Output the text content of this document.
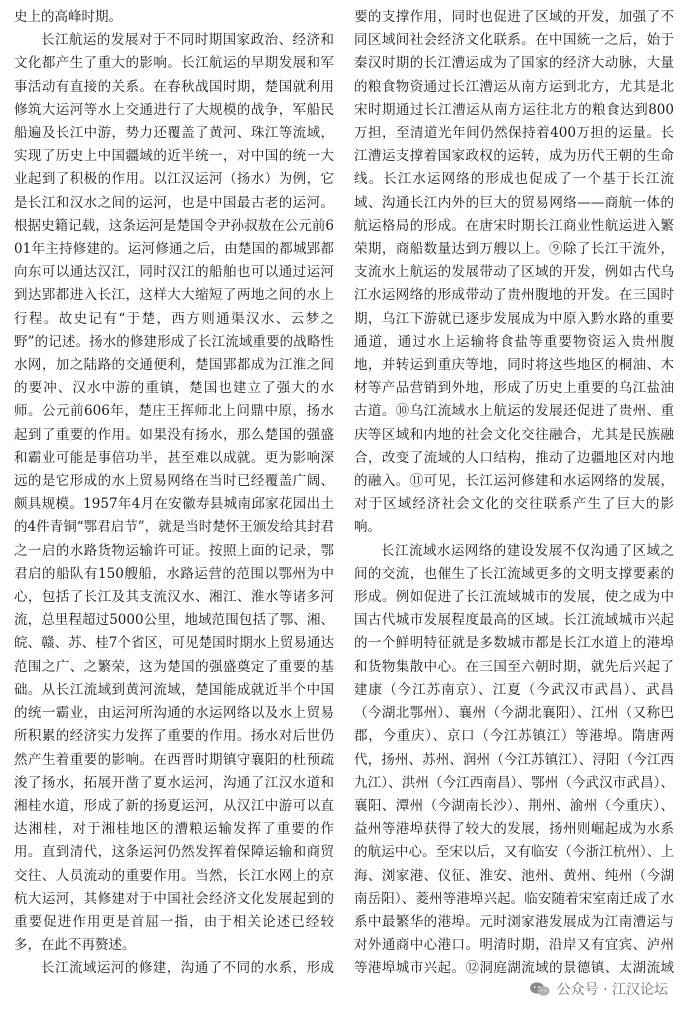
史上的高峰时期。

长江航运的发展对于不同时期国家政治、经济和文化都产生了重大的影响。长江航运的早期发展和军事活动有直接的关系。在春秋战国时期，楚国就利用修筑大运河等水上交通进行了大规模的战争，军船民船遍及长江中游，势力还覆盖了黄河、珠江等流域，实现了历史上中国疆域的近半统一，对中国的统一大业起到了积极的作用。以江汉运河（扬水）为例，它是长江和汉水之间的运河，也是中国最古老的运河。根据史籍记载，这条运河是楚国令尹孙叔敖在公元前601年主持修建的。运河修通之后，由楚国的都城郢都向东可以通达汉江，同时汉江的船舶也可以通过运河到达郢都进入长江，这样大大缩短了两地之间的水上行程。故史记有“于楚，西方则通渠汉水、云梦之野”的记述。扬水的修建形成了长江流域重要的战略性水网，加之陆路的交通便利，楚国郢都成为江淮之间的要冲、汉水中游的重镇，楚国也建立了强大的水师。公元前606年，楚庄王挥师北上问鼎中原，扬水起到了重要的作用。如果没有扬水，那么楚国的强盛和霸业可能是事倍功半，甚至难以成就。更为影响深远的是它形成的水上贸易网络在当时已经覆盖广阔、颇具规模。1957年4月在安徽寿县城南邱家花园出土的4件青铜“鄂君启节”，就是当时楚怀王颁发给其封君之一启的水路货物运输许可证。按照上面的记录，鄂君启的船队有150艘船，水路运营的范围以鄂州为中心，包括了长江及其支流汉水、湘江、淮水等诸多河流，总里程超过5000公里，地域范围包括了鄂、湘、皖、赣、苏、桂7个省区，可见楚国时期水上贸易通达范围之广、之繁荣，这为楚国的强盛奠定了重要的基础。从长江流域到黄河流域，楚国能成就近半个中国的统一霸业，由运河所沟通的水运网络以及水上贸易所积累的经济实力发挥了重要的作用。扬水对后世仍然产生着重要的影响。在西晋时期镇守襄阳的杜预疏浚了扬水，拓展开凿了夏水运河，沟通了江汉水道和湘桂水道，形成了新的扬夏运河，从汉江中游可以直达湘桂，对于湘桂地区的漕粮运输发挥了重要的作用。直到清代，这条运河仍然发挥着保障运输和商贸交往、人员流动的重要作用。当然，长江水网上的京杭大运河，其修建对于中国社会经济文化发展起到的重要促进作用更是首屈一指，由于相关论述已经较多，在此不再赘述。

长江流域运河的修建，沟通了不同的水系，形成

要的支撑作用，同时也促进了区域的开发，加强了不同区域间社会经济文化联系。在中国統一之后，始于秦汉时期的长江漕运成为了国家的经济大动脉，大量的粮食物资通过长江漕运从南方运到北方，尤其是北宋时期通过长江漕运从南方运往北方的粮食达到800万担，至清道光年间仍然保持着400万担的运量。长江漕运支撑着国家政权的运转，成为历代王朝的生命线。长江水运网络的形成也促成了一个基于长江流域、沟通长江内外的巨大的贸易网络——商航一体的航运格局的形成。在唐宋时期长江商业性航运进入繁荣期，商船数量达到万艘以上。⑨除了长江干流外，支流水上航运的发展带动了区域的开发，例如古代乌江水运网络的形成带动了贵州腹地的开发。在三国时期，乌江下游就已逐步发展成为中原入黔水路的重要通道，通过水上运输将食盐等重要物资运入贵州腹地，并转运到重庆等地，同时将这些地区的桐油、木材等产品营销到外地，形成了历史上重要的乌江盐油古道。⑩乌江流域水上航运的发展还促进了贵州、重庆等区域和内地的社会文化交往融合，尤其是民族融合，改变了流域的人口结构，推动了边疆地区对内地的融入。⑪可见，长江运河修建和水运网络的发展，对于区域经济社会文化的交往联系产生了巨大的影响。

长江流域水运网络的建设发展不仅沟通了区域之间的交流，也催生了长江流域更多的文明支撑要素的形成。例如促进了长江流域城市的发展，使之成为中国古代城市发展程度最高的区域。长江流域城市兴起的一个鲜明特征就是多数城市都是长江水道上的港埠和货物集散中心。在三国至六朝时期，就先后兴起了建康（今江苏南京）、江夏（今武汉市武昌）、武昌（今湖北鄂州）、襄州（今湖北襄阳）、江州（又称巴郡，今重庆）、京口（今江苏镇江）等港埠。隋唐两代，扬州、苏州、润州（今江苏镇江）、浔阳（今江西九江）、洪州（今江西南昌）、鄂州（今武汉市武昌）、襄阳、潭州（今湖南长沙）、荆州、渝州（今重庆）、益州等港埠获得了较大的发展，扬州则崛起成为水系的航运中心。至宋以后，又有临安（今浙江杭州）、上海、浏家港、仪征、淮安、池州、黄州、纯州（今湖南岳阳）、菱州等港埠兴起。临安随着宋室南迁成了水系中最繁华的港埠。元时浏家港发展成为江南漕运与对外通商中心港口。明清时期，沿岸又有宜宾、泸州等港埠城市兴起。⑫洞庭湖流域的景德镇、太湖流域

公众号 · 江汉论坛
